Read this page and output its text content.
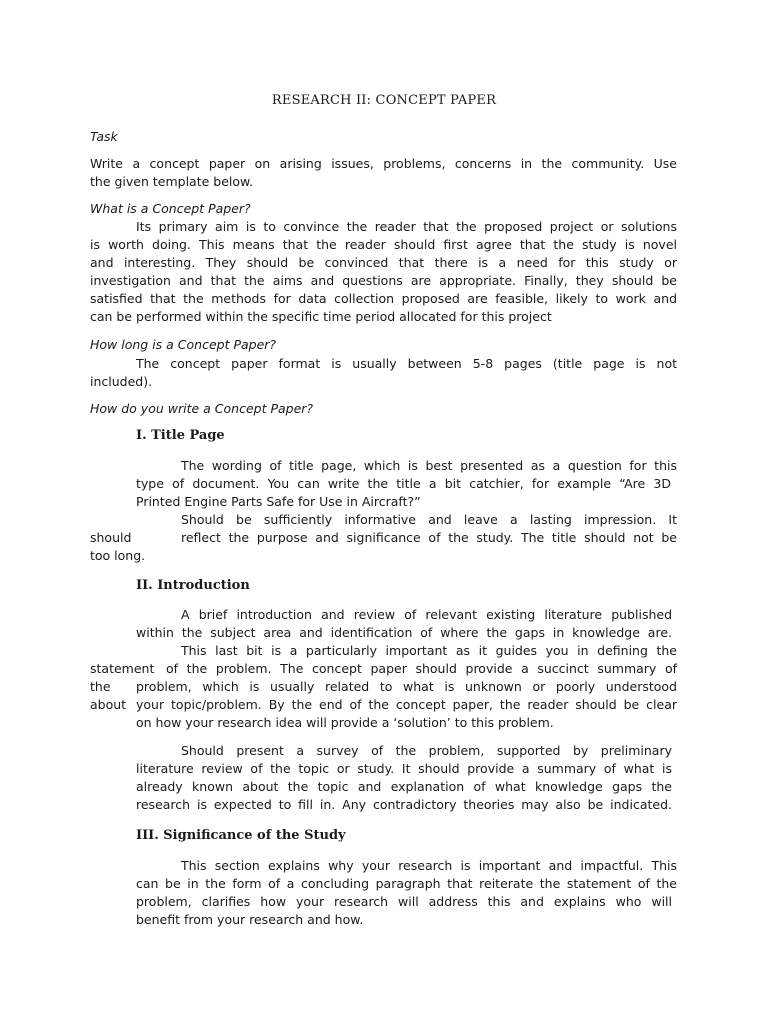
RESEARCH II: CONCEPT PAPER
Task
Write a concept paper on arising issues, problems, concerns in the community. Use
the given template below.
What is a Concept Paper?
Its primary aim is to convince the reader that the proposed project or solutions
is worth doing. This means that the reader should first agree that the study is novel
and interesting. They should be convinced that there is a need for this study or
investigation and that the aims and questions are appropriate. Finally, they should be
satisfied that the methods for data collection proposed are feasible, likely to work and
can be performed within the specific time period allocated for this project
How long is a Concept Paper?
The concept paper format is usually between 5-8 pages (title page is not
included).
How do you write a Concept Paper?
I. Title Page
The wording of title page, which is best presented as a question for this
type of document. You can write the title a bit catchier, for example “Are 3D
Printed Engine Parts Safe for Use in Aircraft?”
Should be sufficiently informative and leave a lasting impression. It
should	reflect the purpose and significance of the study. The title should not be
too long.
II. Introduction
A brief introduction and review of relevant existing literature published
within the subject area and identification of where the gaps in knowledge are.
This last bit is a particularly important as it guides you in defining the
statement of the problem. The concept paper should provide a succinct summary of
the problem, which is usually related to what is unknown or poorly understood
about your topic/problem. By the end of the concept paper, the reader should be clear
on how your research idea will provide a ‘solution’ to this problem.
Should present a survey of the problem, supported by preliminary
literature review of the topic or study. It should provide a summary of what is
already known about the topic and explanation of what knowledge gaps the
research is expected to fill in. Any contradictory theories may also be indicated.
III. Significance of the Study
This section explains why your research is important and impactful. This
can be in the form of a concluding paragraph that reiterate the statement of the
problem, clarifies how your research will address this and explains who will
benefit from your research and how.
